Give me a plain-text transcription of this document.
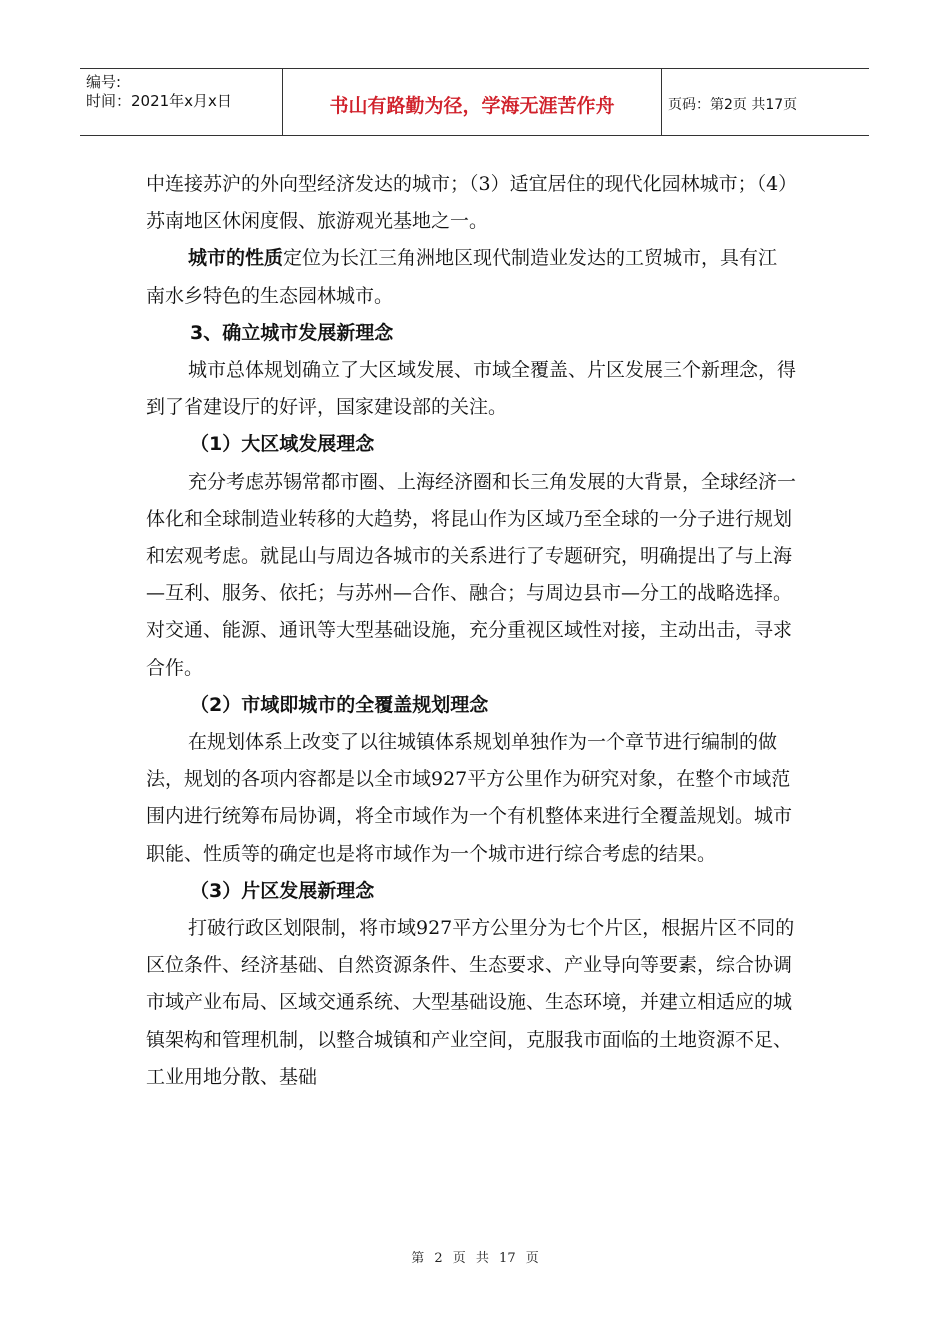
编号:
时间：2021年x月x日	书山有路勤为径，学海无涯苦作舟	页码：第2页 共17页

中连接苏沪的外向型经济发达的城市；（3）适宜居住的现代化园林城市；（4）苏南地区休闲度假、旅游观光基地之一。

城市的性质定位为长江三角洲地区现代制造业发达的工贸城市，具有江南水乡特色的生态园林城市。

3、确立城市发展新理念

城市总体规划确立了大区域发展、市域全覆盖、片区发展三个新理念，得到了省建设厅的好评，国家建设部的关注。

（1）大区域发展理念

充分考虑苏锡常都市圈、上海经济圈和长三角发展的大背景，全球经济一体化和全球制造业转移的大趋势，将昆山作为区域乃至全球的一分子进行规划和宏观考虑。就昆山与周边各城市的关系进行了专题研究，明确提出了与上海—互利、服务、依托；与苏州—合作、融合；与周边县市—分工的战略选择。对交通、能源、通讯等大型基础设施，充分重视区域性对接，主动出击，寻求合作。

（2）市域即城市的全覆盖规划理念

在规划体系上改变了以往城镇体系规划单独作为一个章节进行编制的做法，规划的各项内容都是以全市域927平方公里作为研究对象，在整个市域范围内进行统筹布局协调，将全市域作为一个有机整体来进行全覆盖规划。城市职能、性质等的确定也是将市域作为一个城市进行综合考虑的结果。

（3）片区发展新理念

打破行政区划限制，将市域927平方公里分为七个片区，根据片区不同的区位条件、经济基础、自然资源条件、生态要求、产业导向等要素，综合协调市域产业布局、区域交通系统、大型基础设施、生态环境，并建立相适应的城镇架构和管理机制，以整合城镇和产业空间，克服我市面临的土地资源不足、工业用地分散、基础

第 2 页 共 17 页
